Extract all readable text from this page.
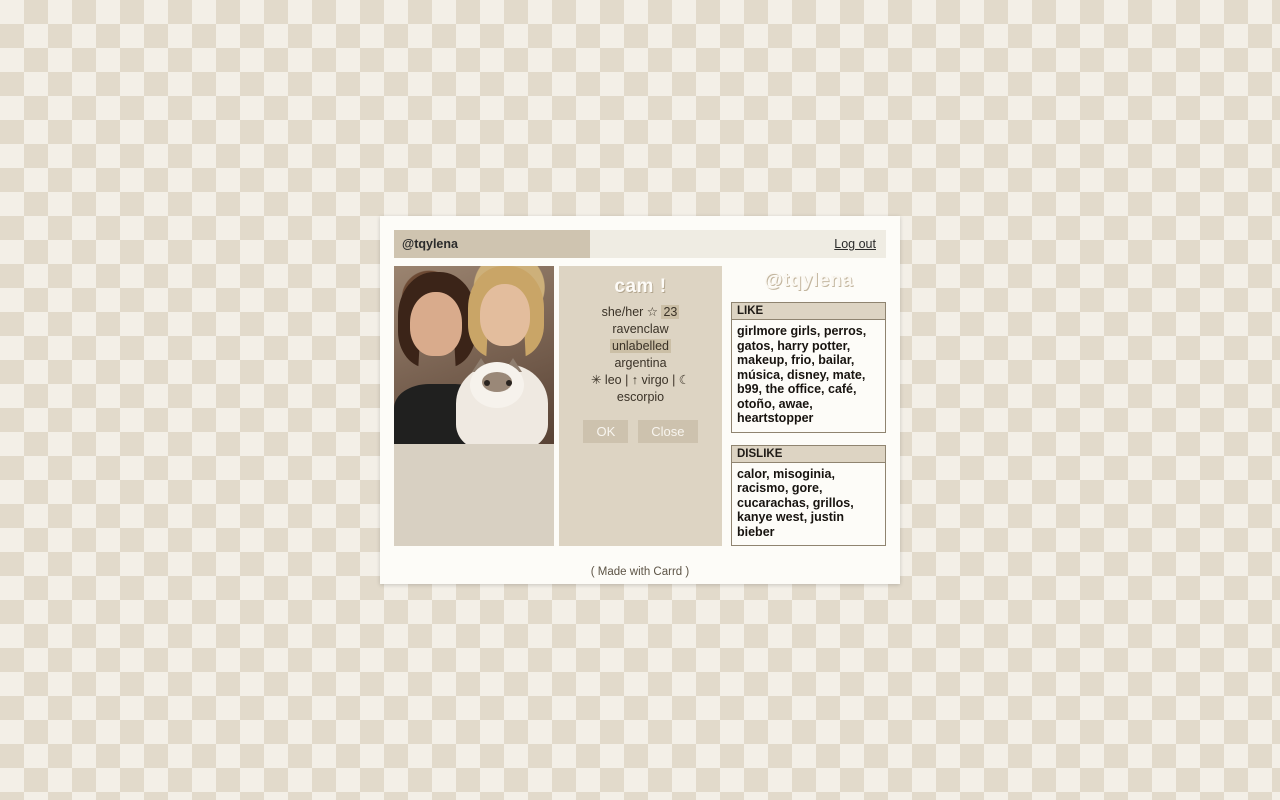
@tqylena	Log out
cam !
she/her ☆ 23
ravenclaw
unlabelled
argentina
✳ leo | ↑ virgo | ☾ escorpio
OK	Close
@tqylena
LIKE
girlmore girls, perros, gatos, harry potter, makeup, frio, bailar, música, disney, mate, b99, the office, café, otoño, awae, heartstopper
DISLIKE
calor, misoginia, racismo, gore, cucarachas, grillos, kanye west, justin bieber
( Made with Carrd )
